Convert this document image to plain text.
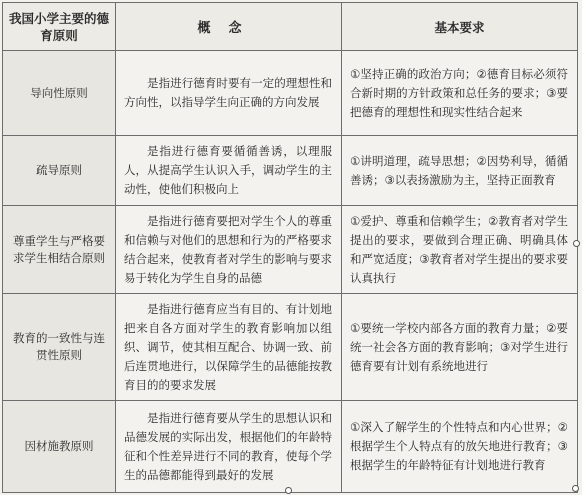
我国小学主要的德育原则	概念	基本要求
导向性原则	是指进行德育时要有一定的理想性和方向性，以指导学生向正确的方向发展	①坚持正确的政治方向；②德育目标必须符合新时期的方针政策和总任务的要求；③要把德育的理想性和现实性结合起来
疏导原则	是指进行德育要循循善诱，以理服人，从提高学生认识入手，调动学生的主动性，使他们积极向上	①讲明道理，疏导思想；②因势利导，循循善诱；③以表扬激励为主，坚持正面教育
尊重学生与严格要求学生相结合原则	是指进行德育要把对学生个人的尊重和信赖与对他们的思想和行为的严格要求结合起来，使教育者对学生的影响与要求易于转化为学生自身的品德	①爱护、尊重和信赖学生；②教育者对学生提出的要求，要做到合理正确、明确具体和严宽适度；③教育者对学生提出的要求要认真执行
教育的一致性与连贯性原则	是指进行德育应当有目的、有计划地把来自各方面对学生的教育影响加以组织、调节，使其相互配合、协调一致、前后连贯地进行，以保障学生的品德能按教育目的的要求发展	①要统一学校内部各方面的教育力量；②要统一社会各方面的教育影响；③对学生进行德育要有计划有系统地进行
因材施教原则	是指进行德育要从学生的思想认识和品德发展的实际出发，根据他们的年龄特征和个性差异进行不同的教育，使每个学生的品德都能得到最好的发展	①深入了解学生的个性特点和内心世界；②根据学生个人特点有的放矢地进行教育；③根据学生的年龄特征有计划地进行教育
